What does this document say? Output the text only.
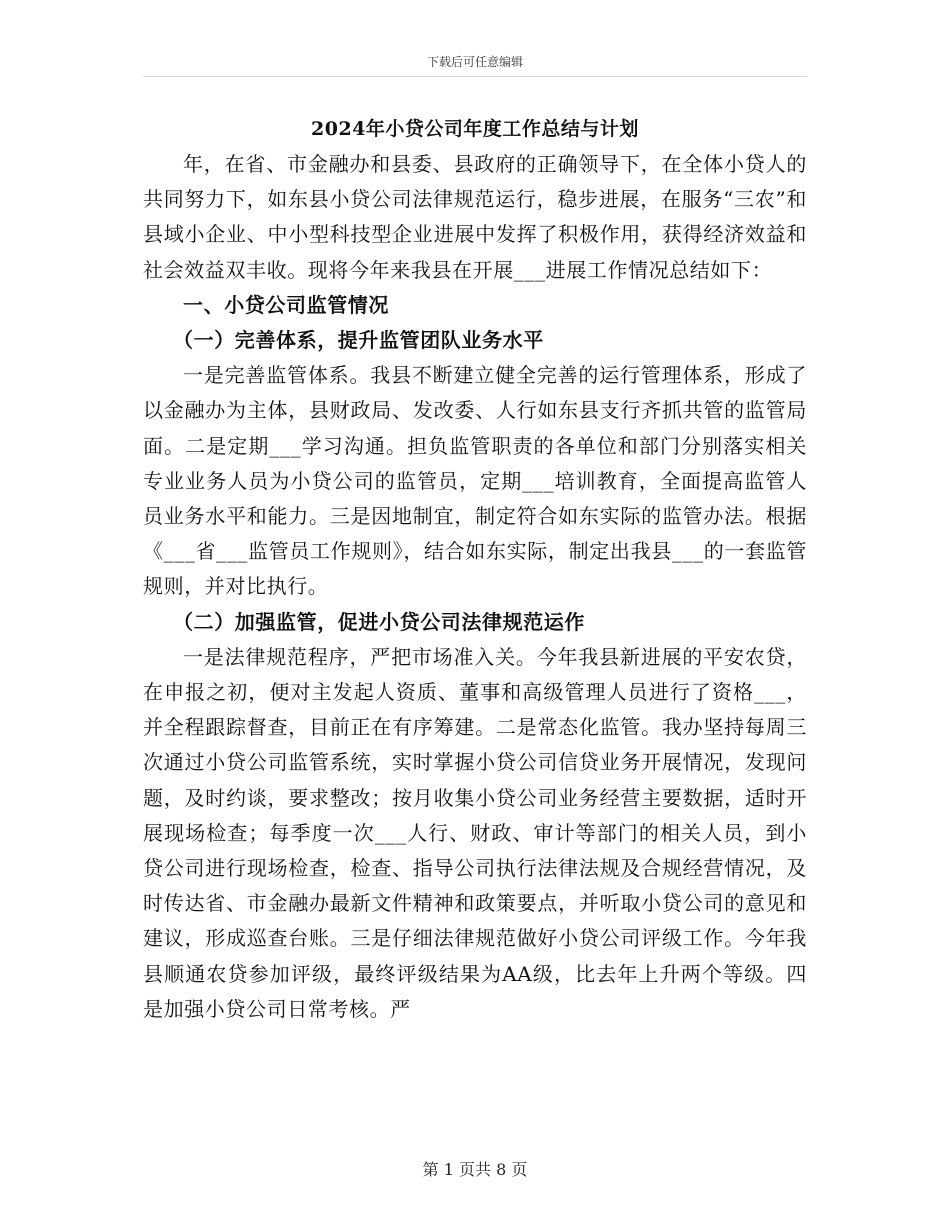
下载后可任意编辑
2024年小贷公司年度工作总结与计划

年，在省、市金融办和县委、县政府的正确领导下，在全体小贷人的共同努力下，如东县小贷公司法律规范运行，稳步进展，在服务“三农”和县域小企业、中小型科技型企业进展中发挥了积极作用，获得经济效益和社会效益双丰收。现将今年来我县在开展___进展工作情况总结如下：

一、小贷公司监管情况

（一）完善体系，提升监管团队业务水平

一是完善监管体系。我县不断建立健全完善的运行管理体系，形成了以金融办为主体，县财政局、发改委、人行如东县支行齐抓共管的监管局面。二是定期___学习沟通。担负监管职责的各单位和部门分别落实相关专业业务人员为小贷公司的监管员，定期___培训教育，全面提高监管人员业务水平和能力。三是因地制宜，制定符合如东实际的监管办法。根据《___省___监管员工作规则》，结合如东实际，制定出我县___的一套监管规则，并对比执行。

（二）加强监管，促进小贷公司法律规范运作

一是法律规范程序，严把市场准入关。今年我县新进展的平安农贷，在申报之初，便对主发起人资质、董事和高级管理人员进行了资格___，并全程跟踪督查，目前正在有序筹建。二是常态化监管。我办坚持每周三次通过小贷公司监管系统，实时掌握小贷公司信贷业务开展情况，发现问题，及时约谈，要求整改；按月收集小贷公司业务经营主要数据，适时开展现场检查；每季度一次___人行、财政、审计等部门的相关人员，到小贷公司进行现场检查，检查、指导公司执行法律法规及合规经营情况，及时传达省、市金融办最新文件精神和政策要点，并听取小贷公司的意见和建议，形成巡查台账。三是仔细法律规范做好小贷公司评级工作。今年我县顺通农贷参加评级，最终评级结果为AA级，比去年上升两个等级。四是加强小贷公司日常考核。严

第 1 页共 8 页
